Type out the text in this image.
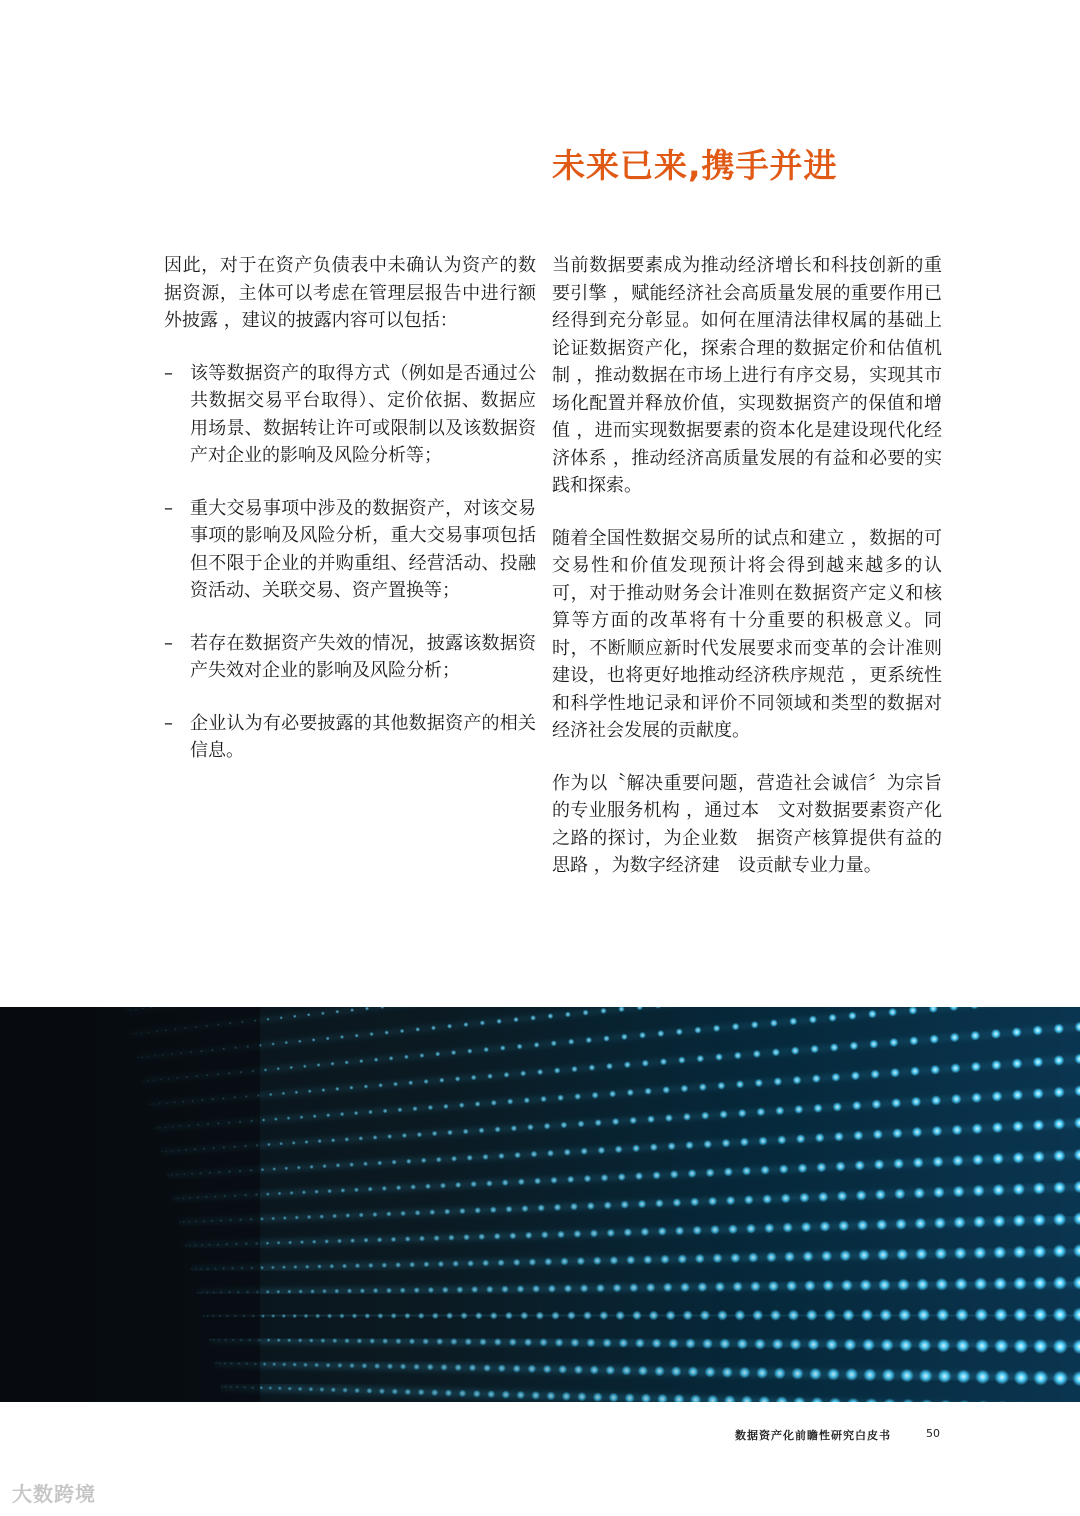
未来已来,携手并进

因此，对于在资产负债表中未确认为资产的数据资源，主体可以考虑在管理层报告中进行额外披露 ，建议的披露内容可以包括：

– 该等数据资产的取得方式（例如是否通过公共数据交易平台取得）、定价依据、数据应用场景、数据转让许可或限制以及该数据资产对企业的影响及风险分析等；
– 重大交易事项中涉及的数据资产，对该交易事项的影响及风险分析，重大交易事项包括但不限于企业的并购重组、经营活动、投融资活动、关联交易、资产置换等；
– 若存在数据资产失效的情况，披露该数据资产失效对企业的影响及风险分析；
– 企业认为有必要披露的其他数据资产的相关信息。

当前数据要素成为推动经济增长和科技创新的重要引擎 ，赋能经济社会高质量发展的重要作用已经得到充分彰显。如何在厘清法律权属的基础上论证数据资产化，探索合理的数据定价和估值机制 ，推动数据在市场上进行有序交易，实现其市场化配置并释放价值，实现数据资产的保值和增值 ，进而实现数据要素的资本化是建设现代化经济体系 ，推动经济高质量发展的有益和必要的实践和探索。

随着全国性数据交易所的试点和建立 ，数据的可交易性和价值发现预计将会得到越来越多的认可，对于推动财务会计准则在数据资产定义和核算等方面的改革将有十分重要的积极意义。同时，不断顺应新时代发展要求而变革的会计准则建设，也将更好地推动经济秩序规范 ，更系统性和科学性地记录和评价不同领域和类型的数据对经济社会发展的贡献度。

作为以〝解决重要问题，营造社会诚信〞为宗旨的专业服务机构 ，通过本　文对数据要素资产化之路的探讨，为企业数　据资产核算提供有益的思路 ，为数字经济建　设贡献专业力量。

数据资产化前瞻性研究白皮书	50
大数跨境
